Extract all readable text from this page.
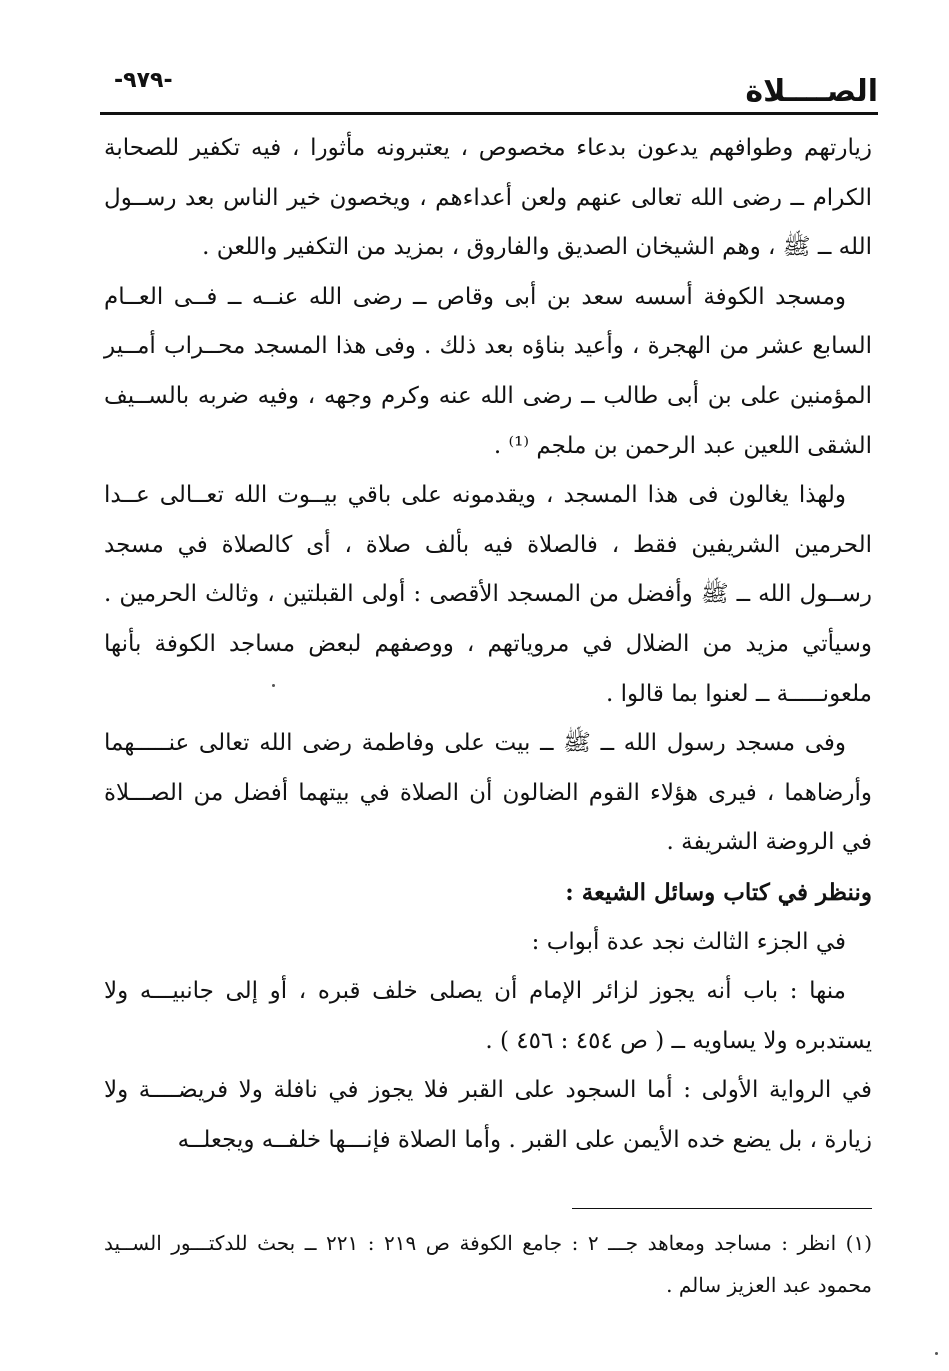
الصــــلاة
-٩٧٩-

زيارتهم وطوافهم يدعون بدعاء مخصوص ، يعتبرونه مأثورا ، فيه تكفير للصحابة الكرام ــ رضى الله تعالى عنهم ولعن أعداءهم ، ويخصون خير الناس بعد رســول الله ــ ﷺ ، وهم الشيخان الصديق والفاروق ، بمزيد من التكفير واللعن .

ومسجد الكوفة أسسه سعد بن أبى وقاص ــ رضى الله عنــه ــ فــى العــام السابع عشر من الهجرة ، وأعيد بناؤه بعد ذلك . وفى هذا المسجد محــراب أمــير المؤمنين على بن أبى طالب ــ رضى الله عنه وكرم وجهه ، وفيه ضربه بالســيف الشقى اللعين عبد الرحمن بن ملجم ⁽¹⁾ .

ولهذا يغالون فى هذا المسجد ، ويقدمونه على باقي بيــوت الله تعــالى عــدا الحرمين الشريفين فقط ، فالصلاة فيه بألف صلاة ، أى كالصلاة في مسجد رســول الله ــ ﷺ وأفضل من المسجد الأقصى : أولى القبلتين ، وثالث الحرمين . وسيأتي مزيد من الضلال في مروياتهم ، ووصفهم لبعض مساجد الكوفة بأنها ملعونـــــة ــ لعنوا بما قالوا .

وفى مسجد رسول الله ــ ﷺ ــ بيت على وفاطمة رضى الله تعالى عنـــــهما وأرضاهما ، فيرى هؤلاء القوم الضالون أن الصلاة في بيتهما أفضل من الصـــلاة في الروضة الشريفة .

وننظر في كتاب وسائل الشيعة :

في الجزء الثالث نجد عدة أبواب :

منها : باب أنه يجوز لزائر الإمام أن يصلى خلف قبره ، أو إلى جانبيـــه ولا يستدبره ولا يساويه ــ ( ص ٤٥٤ : ٤٥٦ ) .

في الرواية الأولى : أما السجود على القبر فلا يجوز في نافلة ولا فريضــــة ولا زيارة ، بل يضع خده الأيمن على القبر . وأما الصلاة فإنـــها خلفــه ويجعلــه

(١) انظر : مساجد ومعاهد جـــ ٢ : جامع الكوفة ص ٢١٩ : ٢٢١ ــ بحث للدكتـــور الســيد محمود عبد العزيز سالم .
